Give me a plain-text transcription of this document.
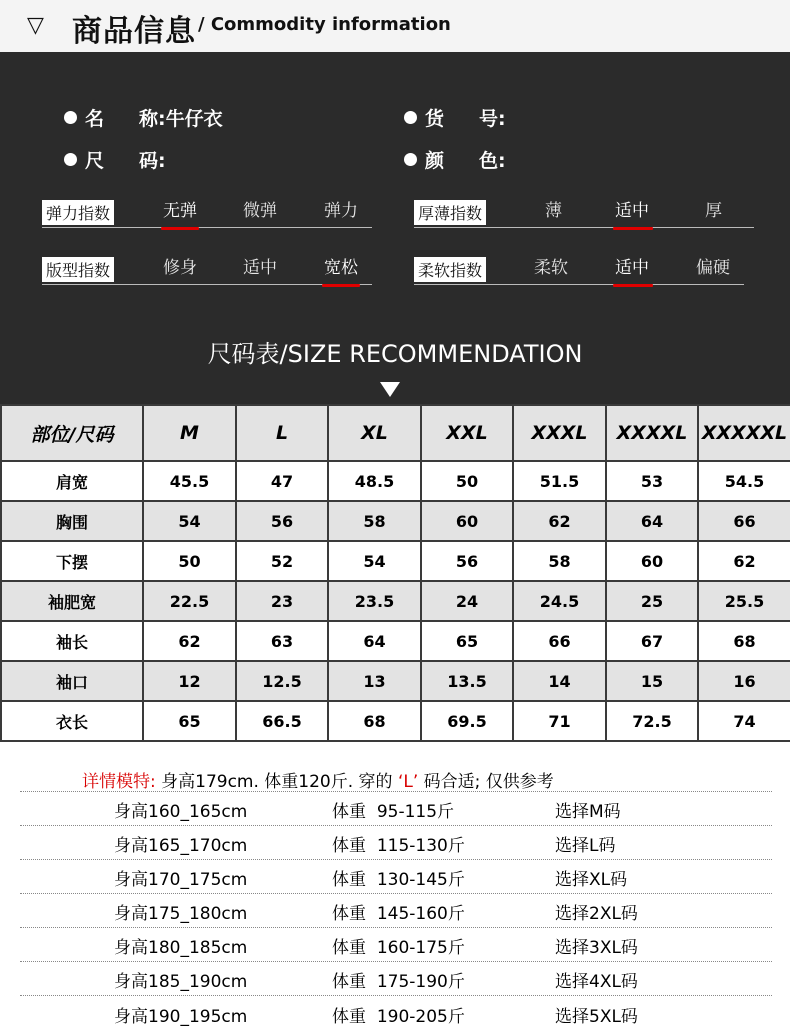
▽ 商品信息 / Commodity information
名 称:牛仔衣	货 号:
尺 码:	颜 色:
弹力指数	无弹	微弹	弹力	厚薄指数	薄	适中	厚
版型指数	修身	适中	宽松	柔软指数	柔软	适中	偏硬
尺码表/SIZE RECOMMENDATION
部位/尺码	M	L	XL	XXL	XXXL	XXXXL	XXXXXL
肩宽	45.5	47	48.5	50	51.5	53	54.5
胸围	54	56	58	60	62	64	66
下摆	50	52	54	56	58	60	62
袖肥宽	22.5	23	23.5	24	24.5	25	25.5
袖长	62	63	64	65	66	67	68
袖口	12	12.5	13	13.5	14	15	16
衣长	65	66.5	68	69.5	71	72.5	74
详情模特: 身高179cm. 体重120斤. 穿的 ‘L’ 码合适; 仅供参考
身高160_165cm	体重 95-115斤	选择M码
身高165_170cm	体重 115-130斤	选择L码
身高170_175cm	体重 130-145斤	选择XL码
身高175_180cm	体重 145-160斤	选择2XL码
身高180_185cm	体重 160-175斤	选择3XL码
身高185_190cm	体重 175-190斤	选择4XL码
身高190_195cm	体重 190-205斤	选择5XL码
